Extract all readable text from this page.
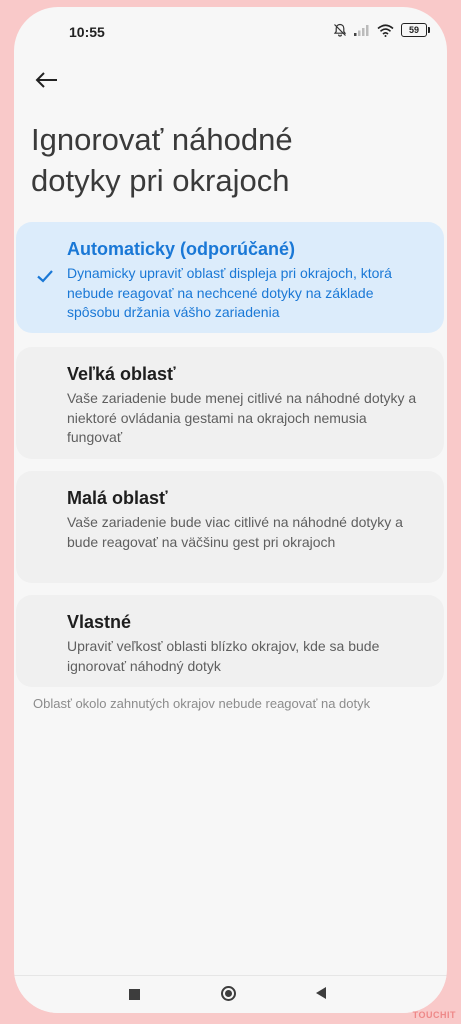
10:55	59
Ignorovať náhodné
dotyky pri okrajoch
Automaticky (odporúčané)
Dynamicky upraviť oblasť displeja pri okrajoch, ktorá nebude reagovať na nechcené dotyky na základe spôsobu držania vášho zariadenia
Veľká oblasť
Vaše zariadenie bude menej citlivé na náhodné dotyky a niektoré ovládania gestami na okrajoch nemusia fungovať
Malá oblasť
Vaše zariadenie bude viac citlivé na náhodné dotyky a bude reagovať na väčšinu gest pri okrajoch
Vlastné
Upraviť veľkosť oblasti blízko okrajov, kde sa bude ignorovať náhodný dotyk
Oblasť okolo zahnutých okrajov nebude reagovať na dotyk
TOUCHIT
